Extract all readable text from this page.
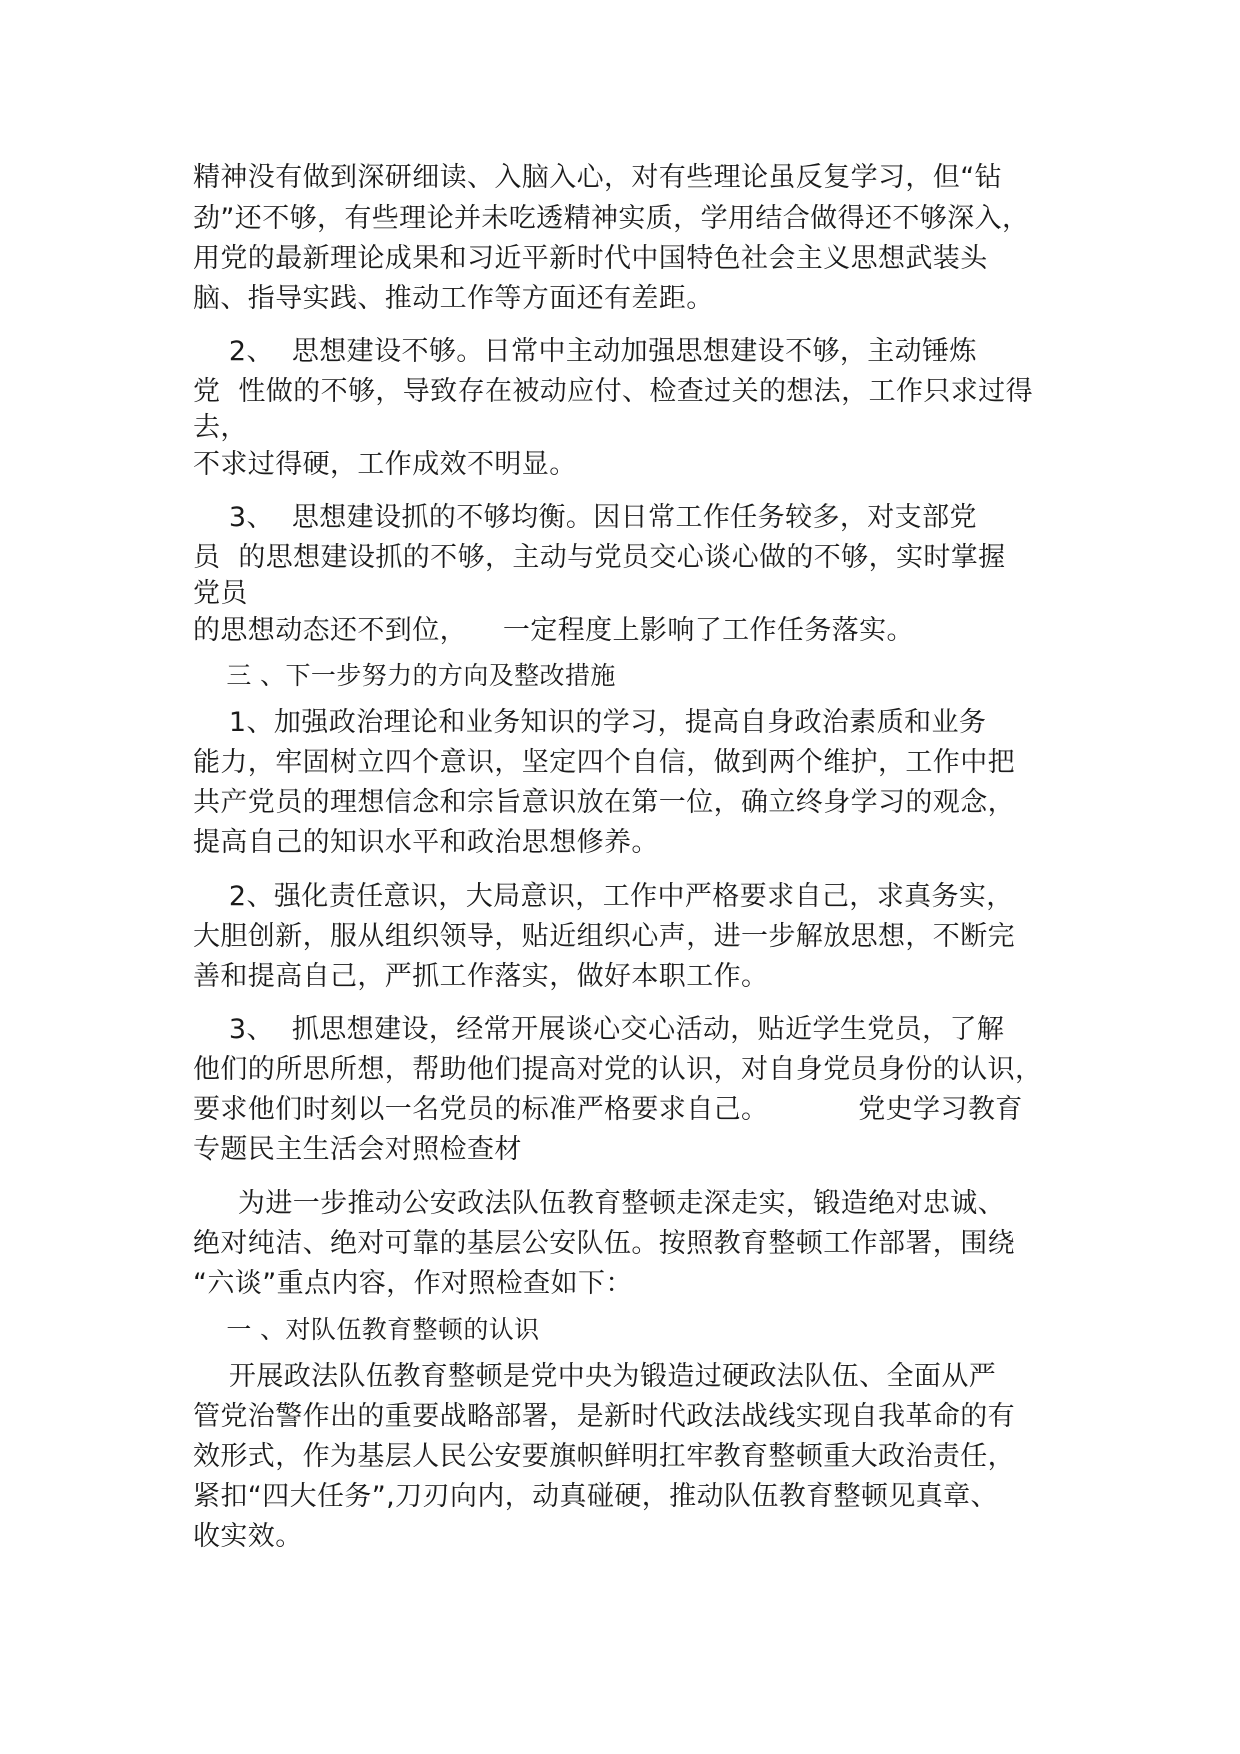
精神没有做到深研细读、入脑入心，对有些理论虽反复学习，但“钻
劲”还不够，有些理论并未吃透精神实质，学用结合做得还不够深入，
用党的最新理论成果和习近平新时代中国特色社会主义思想武装头
脑、指导实践、推动工作等方面还有差距。
2、  思想建设不够。日常中主动加强思想建设不够，主动锤炼
党  性做的不够，导致存在被动应付、检查过关的想法，工作只求过得
去，
不求过得硬，工作成效不明显。
3、  思想建设抓的不够均衡。因日常工作任务较多，对支部党
员  的思想建设抓的不够，主动与党员交心谈心做的不够，实时掌握
党员
的思想动态还不到位，    一定程度上影响了工作任务落实。
三 、下一步努力的方向及整改措施
1、加强政治理论和业务知识的学习，提高自身政治素质和业务
能力，牢固树立四个意识，坚定四个自信，做到两个维护，工作中把
共产党员的理想信念和宗旨意识放在第一位，确立终身学习的观念，
提高自己的知识水平和政治思想修养。
2、强化责任意识，大局意识，工作中严格要求自己，求真务实，
大胆创新，服从组织领导，贴近组织心声，进一步解放思想，不断完
善和提高自己，严抓工作落实，做好本职工作。
3、  抓思想建设，经常开展谈心交心活动，贴近学生党员，了解
他们的所思所想，帮助他们提高对党的认识，对自身党员身份的认识，
要求他们时刻以一名党员的标准严格要求自己。          党史学习教育
专题民主生活会对照检查材
为进一步推动公安政法队伍教育整顿走深走实，锻造绝对忠诚、
绝对纯洁、绝对可靠的基层公安队伍。按照教育整顿工作部署，围绕
“六谈”重点内容，作对照检查如下：
一 、对队伍教育整顿的认识
开展政法队伍教育整顿是党中央为锻造过硬政法队伍、全面从严
管党治警作出的重要战略部署，是新时代政法战线实现自我革命的有
效形式，作为基层人民公安要旗帜鲜明扛牢教育整顿重大政治责任，
紧扣“四大任务”,刀刃向内，动真碰硬，推动队伍教育整顿见真章、
收实效。
